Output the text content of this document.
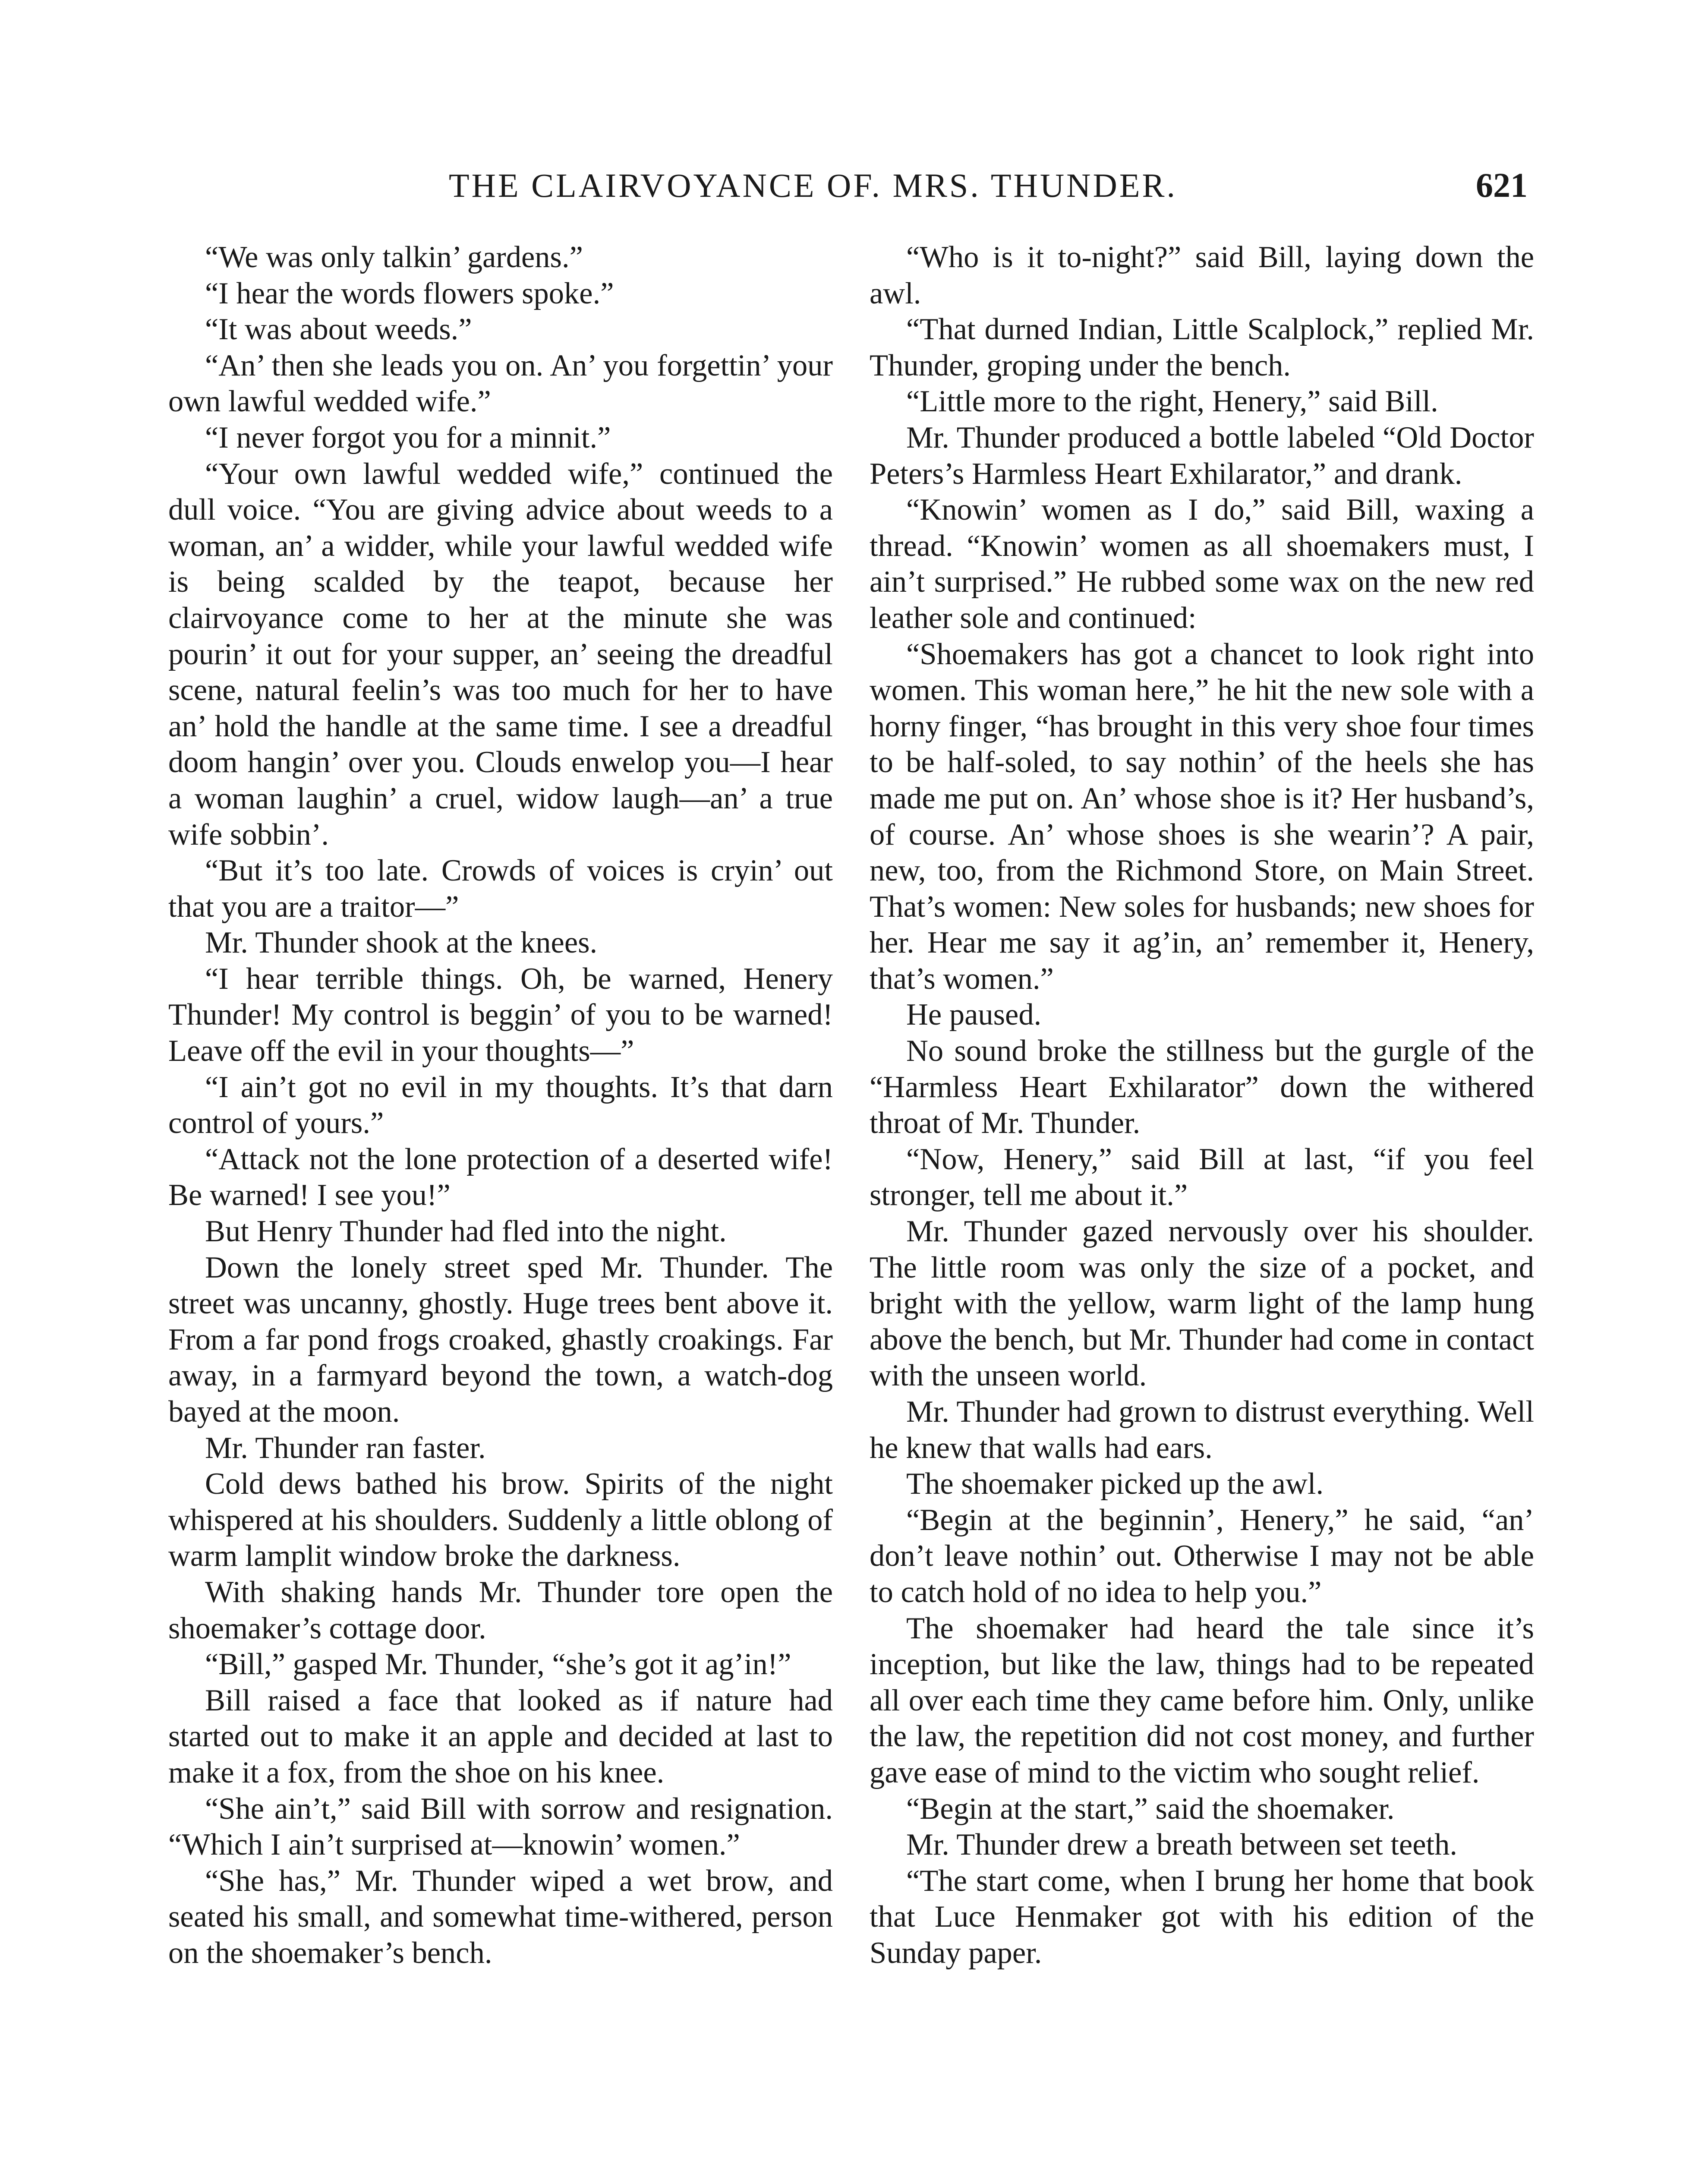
THE CLAIRVOYANCE OF. MRS. THUNDER.	621

“We was only talkin’ gardens.”

“I hear the words flowers spoke.”

“It was about weeds.”

“An’ then she leads you on. An’ you forgettin’ your own lawful wedded wife.”

“I never forgot you for a minnit.”

“Your own lawful wedded wife,” continued the dull voice. “You are giving advice about weeds to a woman, an’ a widder, while your lawful wedded wife is being scalded by the teapot, because her clairvoyance come to her at the minute she was pourin’ it out for your supper, an’ seeing the dreadful scene, natural feelin’s was too much for her to have an’ hold the handle at the same time. I see a dreadful doom hangin’ over you. Clouds enwelop you—I hear a woman laughin’ a cruel, widow laugh—an’ a true wife sobbin’.

“But it’s too late. Crowds of voices is cryin’ out that you are a traitor—”

Mr. Thunder shook at the knees.

“I hear terrible things. Oh, be warned, Henery Thunder! My control is beggin’ of you to be warned! Leave off the evil in your thoughts—”

“I ain’t got no evil in my thoughts. It’s that darn control of yours.”

“Attack not the lone protection of a deserted wife! Be warned! I see you!”

But Henry Thunder had fled into the night.

Down the lonely street sped Mr. Thunder. The street was uncanny, ghostly. Huge trees bent above it. From a far pond frogs croaked, ghastly croakings. Far away, in a farmyard beyond the town, a watch-dog bayed at the moon.

Mr. Thunder ran faster.

Cold dews bathed his brow. Spirits of the night whispered at his shoulders. Suddenly a little oblong of warm lamplit window broke the darkness.

With shaking hands Mr. Thunder tore open the shoemaker’s cottage door.

“Bill,” gasped Mr. Thunder, “she’s got it ag’in!”

Bill raised a face that looked as if nature had started out to make it an apple and decided at last to make it a fox, from the shoe on his knee.

“She ain’t,” said Bill with sorrow and resignation. “Which I ain’t surprised at—knowin’ women.”

“She has,” Mr. Thunder wiped a wet brow, and seated his small, and somewhat time-withered, person on the shoemaker’s bench.

“Who is it to-night?” said Bill, laying down the awl.

“That durned Indian, Little Scalplock,” replied Mr. Thunder, groping under the bench.

“Little more to the right, Henery,” said Bill.

Mr. Thunder produced a bottle labeled “Old Doctor Peters’s Harmless Heart Exhilarator,” and drank.

“Knowin’ women as I do,” said Bill, waxing a thread. “Knowin’ women as all shoemakers must, I ain’t surprised.” He rubbed some wax on the new red leather sole and continued:

“Shoemakers has got a chancet to look right into women. This woman here,” he hit the new sole with a horny finger, “has brought in this very shoe four times to be half-soled, to say nothin’ of the heels she has made me put on. An’ whose shoe is it? Her husband’s, of course. An’ whose shoes is she wearin’? A pair, new, too, from the Richmond Store, on Main Street. That’s women: New soles for husbands; new shoes for her. Hear me say it ag’in, an’ remember it, Henery, that’s women.”

He paused.

No sound broke the stillness but the gurgle of the “Harmless Heart Exhilarator” down the withered throat of Mr. Thunder.

“Now, Henery,” said Bill at last, “if you feel stronger, tell me about it.”

Mr. Thunder gazed nervously over his shoulder. The little room was only the size of a pocket, and bright with the yellow, warm light of the lamp hung above the bench, but Mr. Thunder had come in contact with the unseen world.

Mr. Thunder had grown to distrust everything. Well he knew that walls had ears.

The shoemaker picked up the awl.

“Begin at the beginnin’, Henery,” he said, “an’ don’t leave nothin’ out. Otherwise I may not be able to catch hold of no idea to help you.”

The shoemaker had heard the tale since it’s inception, but like the law, things had to be repeated all over each time they came before him. Only, unlike the law, the repetition did not cost money, and further gave ease of mind to the victim who sought relief.

“Begin at the start,” said the shoemaker.

Mr. Thunder drew a breath between set teeth.

“The start come, when I brung her home that book that Luce Henmaker got with his edition of the Sunday paper.
